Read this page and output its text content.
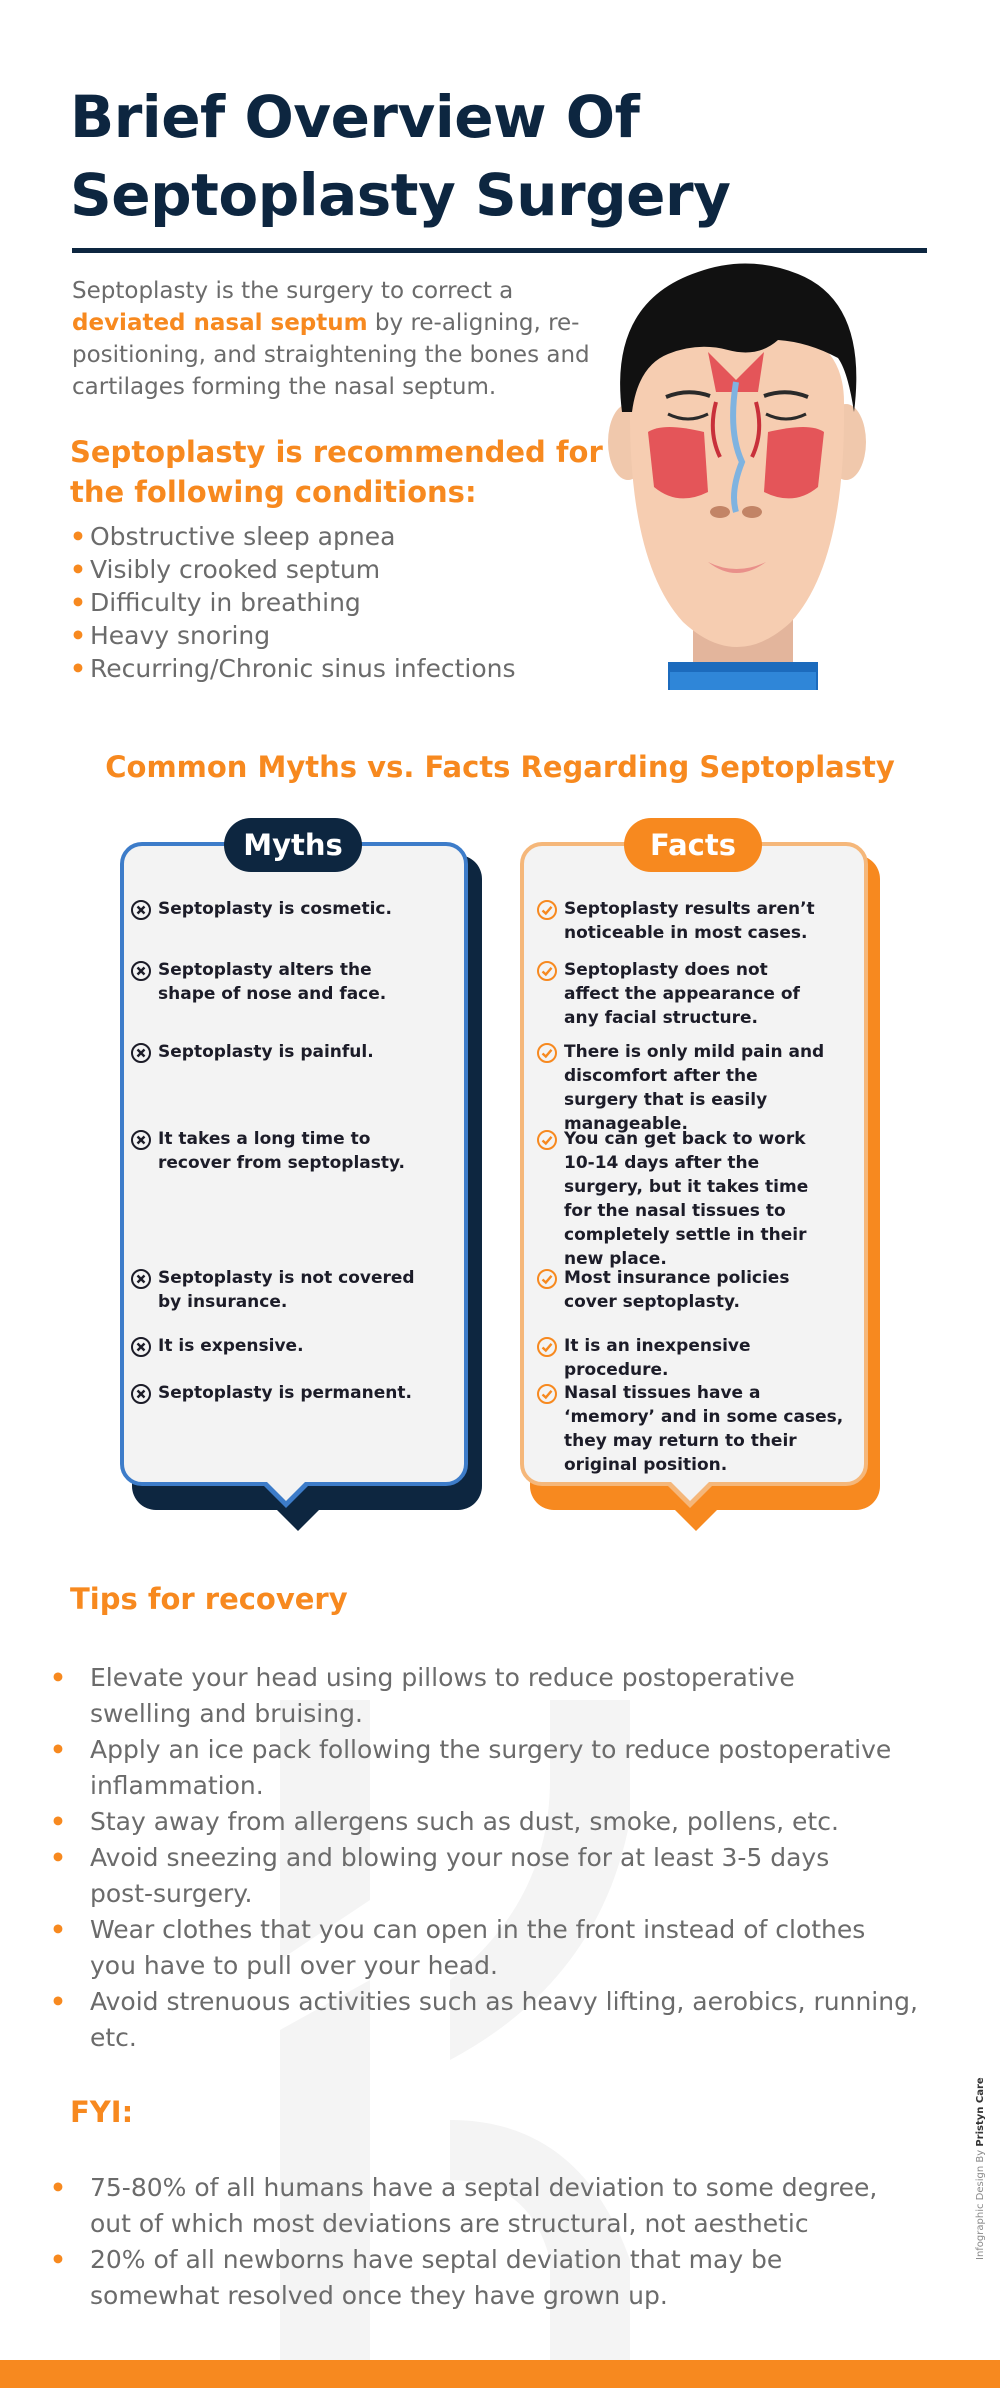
Brief Overview Of
Septoplasty Surgery

Septoplasty is the surgery to correct a deviated nasal septum by re-aligning, re-positioning, and straightening the bones and cartilages forming the nasal septum.

Septoplasty is recommended for the following conditions:
• Obstructive sleep apnea
• Visibly crooked septum
• Difficulty in breathing
• Heavy snoring
• Recurring/Chronic sinus infections
Common Myths vs. Facts Regarding Septoplasty
Myths	Facts
Septoplasty is cosmetic.
Septoplasty alters the shape of nose and face.
Septoplasty is painful.
It takes a long time to recover from septoplasty.
Septoplasty is not covered by insurance.
It is expensive.
Septoplasty is permanent.
Septoplasty results aren’t noticeable in most cases.
Septoplasty does not affect the appearance of any facial structure.
There is only mild pain and discomfort after the surgery that is easily manageable.
You can get back to work 10-14 days after the surgery, but it takes time for the nasal tissues to completely settle in their new place.
Most insurance policies cover septoplasty.
It is an inexpensive procedure.
Nasal tissues have a ‘memory’ and in some cases, they may return to their original position.
Tips for recovery
• Elevate your head using pillows to reduce postoperative swelling and bruising.
• Apply an ice pack following the surgery to reduce postoperative inflammation.
• Stay away from allergens such as dust, smoke, pollens, etc.
• Avoid sneezing and blowing your nose for at least 3-5 days post-surgery.
• Wear clothes that you can open in the front instead of clothes you have to pull over your head.
• Avoid strenuous activities such as heavy lifting, aerobics, running, etc.
FYI:
• 75-80% of all humans have a septal deviation to some degree, out of which most deviations are structural, not aesthetic
• 20% of all newborns have septal deviation that may be somewhat resolved once they have grown up.
Infographic Design By Pristyn Care
